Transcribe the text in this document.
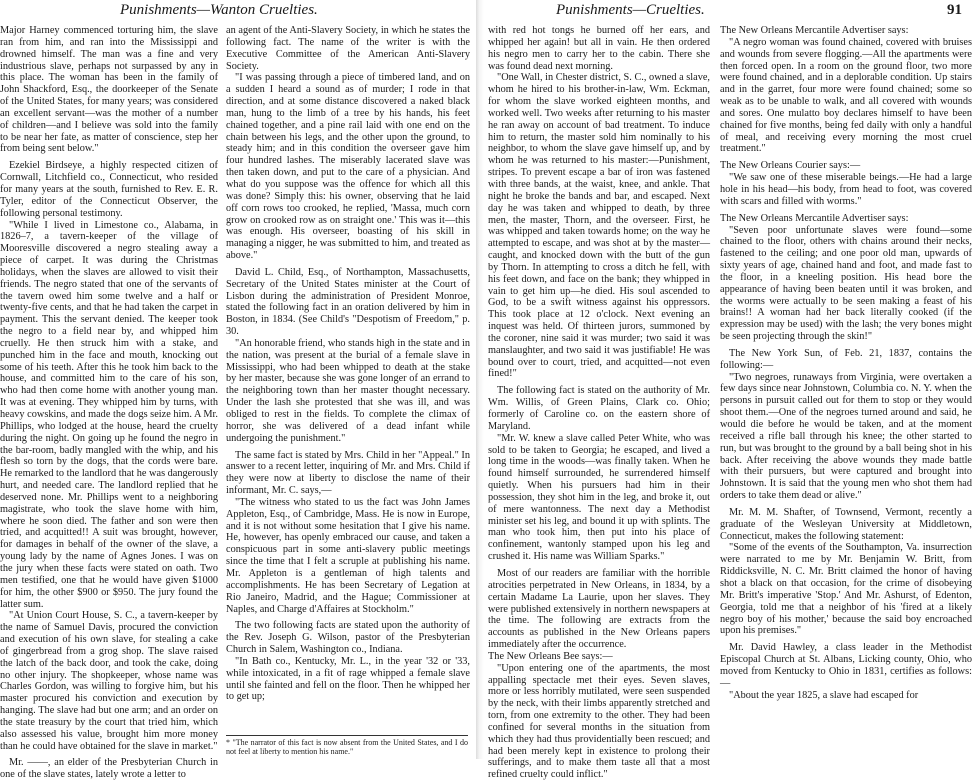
Punishments—Wanton Cruelties.

Major Harney commenced torturing him, the slave ran from him, and ran into the Mississippi and drowned himself. The man was a fine and very industrious slave, perhaps not surpassed by any in this place. The woman has been in the family of John Shackford, Esq., the doorkeeper of the Senate of the United States, for many years; was considered an excellent servant—was the mother of a number of children—and I believe was sold into the family to be near her fate, as matter of conscience, step her from being sent below."

Ezekiel Birdseye, a highly respected citizen of Cornwall, Litchfield co., Connecticut, who resided for many years at the south, furnished to Rev. E. R. Tyler, editor of the Connecticut Observer, the following personal testimony.

"While I lived in Limestone co., Alabama, in 1826–7, a tavern-keeper of the village of Mooresville discovered a negro stealing away a piece of carpet. It was during the Christmas holidays, when the slaves are allowed to visit their friends. The negro stated that one of the servants of the tavern owed him some twelve and a half or twenty-five cents, and that he had taken the carpet in payment. This the servant denied. The keeper took the negro to a field near by, and whipped him cruelly. He then struck him with a stake, and punched him in the face and mouth, knocking out some of his teeth. After this he took him back to the house, and committed him to the care of his son, who had then come home with another young man. It was at evening. They whipped him by turns, with heavy cowskins, and made the dogs seize him. A Mr. Phillips, who lodged at the house, heard the cruelty during the night. On going up he found the negro in the bar-room, badly mangled with the whip, and his flesh so torn by the dogs, that the cords were bare. He remarked to the landlord that he was dangerously hurt, and needed care. The landlord replied that he deserved none. Mr. Phillips went to a neighboring magistrate, who took the slave home with him, where he soon died. The father and son were then tried, and acquitted!! A suit was brought, however, for damages in behalf of the owner of the slave, a young lady by the name of Agnes Jones. I was on the jury when these facts were stated on oath. Two men testified, one that he would have given $1000 for him, the other $900 or $950. The jury found the latter sum.

"At Union Court House, S. C., a tavern-keeper by the name of Samuel Davis, procured the conviction and execution of his own slave, for stealing a cake of gingerbread from a grog shop. The slave raised the latch of the back door, and took the cake, doing no other injury. The shopkeeper, whose name was Charles Gordon, was willing to forgive him, but his master procured his conviction and execution by hanging. The slave had but one arm; and an order on the state treasury by the court that tried him, which also assessed his value, brought him more money than he could have obtained for the slave in market."

Mr. ——, an elder of the Presbyterian Church in one of the slave states, lately wrote a letter to

an agent of the Anti-Slavery Society, in which he states the following fact. The name of the writer is with the Executive Committee of the American Anti-Slavery Society.

"I was passing through a piece of timbered land, and on a sudden I heard a sound as of murder; I rode in that direction, and at some distance discovered a naked black man, hung to the limb of a tree by his hands, his feet chained together, and a pine rail laid with one end on the chain between his legs, and the other upon the ground, to steady him; and in this condition the overseer gave him four hundred lashes. The miserably lacerated slave was then taken down, and put to the care of a physician. And what do you suppose was the offence for which all this was done? Simply this: his owner, observing that he laid off corn rows too crooked, he replied, 'Massa, much corn grow on crooked row as on straight one.' This was it—this was enough. His overseer, boasting of his skill in managing a nigger, he was submitted to him, and treated as above."

David L. Child, Esq., of Northampton, Massachusetts, Secretary of the United States minister at the Court of Lisbon during the administration of President Monroe, stated the following fact in an oration delivered by him in Boston, in 1834. (See Child's "Despotism of Freedom," p. 30.

"An honorable friend, who stands high in the state and in the nation, was present at the burial of a female slave in Mississippi, who had been whipped to death at the stake by her master, because she was gone longer of an errand to the neighboring town than her master thought necessary. Under the lash she protested that she was ill, and was obliged to rest in the fields. To complete the climax of horror, she was delivered of a dead infant while undergoing the punishment."

The same fact is stated by Mrs. Child in her "Appeal." In answer to a recent letter, inquiring of Mr. and Mrs. Child if they were now at liberty to disclose the name of their informant, Mr. C. says,—

"The witness who stated to us the fact was John James Appleton, Esq., of Cambridge, Mass. He is now in Europe, and it is not without some hesitation that I give his name. He, however, has openly embraced our cause, and taken a conspicuous part in some anti-slavery public meetings since the time that I felt a scruple at publishing his name. Mr. Appleton is a gentleman of high talents and accomplishments. He has been Secretary of Legation at Rio Janeiro, Madrid, and the Hague; Commissioner at Naples, and Charge d'Affaires at Stockholm."

The two following facts are stated upon the authority of the Rev. Joseph G. Wilson, pastor of the Presbyterian Church in Salem, Washington co., Indiana.

"In Bath co., Kentucky, Mr. L., in the year '32 or '33, while intoxicated, in a fit of rage whipped a female slave until she fainted and fell on the floor. Then he whipped her to get up;

* "The narrator of this fact is now absent from the United States, and I do not feel at liberty to mention his name."
Punishments—Cruelties.	91

with red hot tongs he burned off her ears, and whipped her again! but all in vain. He then ordered his negro men to carry her to the cabin. There she was found dead next morning.

"One Wall, in Chester district, S. C., owned a slave, whom he hired to his brother-in-law, Wm. Eckman, for whom the slave worked eighteen months, and worked well. Two weeks after returning to his master he ran away on account of bad treatment. To induce him to return, the master sold him nominally to his neighbor, to whom the slave gave himself up, and by whom he was returned to his master:—Punishment, stripes. To prevent escape a bar of iron was fastened with three bands, at the waist, knee, and ankle. That night he broke the bands and bar, and escaped. Next day he was taken and whipped to death, by three men, the master, Thorn, and the overseer. First, he was whipped and taken towards home; on the way he attempted to escape, and was shot at by the master—caught, and knocked down with the butt of the gun by Thorn. In attempting to cross a ditch he fell, with his feet down, and face on the bank; they whipped in vain to get him up—he died. His soul ascended to God, to be a swift witness against his oppressors. This took place at 12 o'clock. Next evening an inquest was held. Of thirteen jurors, summoned by the coroner, nine said it was murder; two said it was manslaughter, and two said it was justifiable! He was bound over to court, tried, and acquitted—not even fined!"

The following fact is stated on the authority of Mr. Wm. Willis, of Green Plains, Clark co. Ohio; formerly of Caroline co. on the eastern shore of Maryland.

"Mr. W. knew a slave called Peter White, who was sold to be taken to Georgia; he escaped, and lived a long time in the woods—was finally taken. When he found himself surrounded, he surrendered himself quietly. When his pursuers had him in their possession, they shot him in the leg, and broke it, out of mere wantonness. The next day a Methodist minister set his leg, and bound it up with splints. The man who took him, then put into his place of confinement, wantonly stamped upon his leg and crushed it. His name was William Sparks."

Most of our readers are familiar with the horrible atrocities perpetrated in New Orleans, in 1834, by a certain Madame La Laurie, upon her slaves. They were published extensively in northern newspapers at the time. The following are extracts from the accounts as published in the New Orleans papers immediately after the occurrence.

The New Orleans Bee says:—

"Upon entering one of the apartments, the most appalling spectacle met their eyes. Seven slaves, more or less horribly mutilated, were seen suspended by the neck, with their limbs apparently stretched and torn, from one extremity to the other. They had been confined for several months in the situation from which they had thus providentially been rescued; and had been merely kept in existence to prolong their sufferings, and to make them taste all that a most refined cruelty could inflict."

The New Orleans Mercantile Advertiser says:

"A negro woman was found chained, covered with bruises and wounds from severe flogging.—All the apartments were then forced open. In a room on the ground floor, two more were found chained, and in a deplorable condition. Up stairs and in the garret, four more were found chained; some so weak as to be unable to walk, and all covered with wounds and sores. One mulatto boy declares himself to have been chained for five months, being fed daily with only a handful of meal, and receiving every morning the most cruel treatment."

The New Orleans Courier says:—

"We saw one of these miserable beings.—He had a large hole in his head—his body, from head to foot, was covered with scars and filled with worms."

The New Orleans Mercantile Advertiser says:

"Seven poor unfortunate slaves were found—some chained to the floor, others with chains around their necks, fastened to the ceiling; and one poor old man, upwards of sixty years of age, chained hand and foot, and made fast to the floor, in a kneeling position. His head bore the appearance of having been beaten until it was broken, and the worms were actually to be seen making a feast of his brains!! A woman had her back literally cooked (if the expression may be used) with the lash; the very bones might be seen projecting through the skin!"

The New York Sun, of Feb. 21, 1837, contains the following:—

"Two negroes, runaways from Virginia, were overtaken a few days since near Johnstown, Columbia co. N. Y. when the persons in pursuit called out for them to stop or they would shoot them.—One of the negroes turned around and said, he would die before he would be taken, and at the moment received a rifle ball through his knee; the other started to run, but was brought to the ground by a ball being shot in his back. After receiving the above wounds they made battle with their pursuers, but were captured and brought into Johnstown. It is said that the young men who shot them had orders to take them dead or alive."

Mr. M. M. Shafter, of Townsend, Vermont, recently a graduate of the Wesleyan University at Middletown, Connecticut, makes the following statement:

"Some of the events of the Southampton, Va. insurrection were narrated to me by Mr. Benjamin W. Britt, from Riddicksville, N. C. Mr. Britt claimed the honor of having shot a black on that occasion, for the crime of disobeying Mr. Britt's imperative 'Stop.' And Mr. Ashurst, of Edenton, Georgia, told me that a neighbor of his 'fired at a likely negro boy of his mother,' because the said boy encroached upon his premises."

Mr. David Hawley, a class leader in the Methodist Episcopal Church at St. Albans, Licking county, Ohio, who moved from Kentucky to Ohio in 1831, certifies as follows:—

"About the year 1825, a slave had escaped for
